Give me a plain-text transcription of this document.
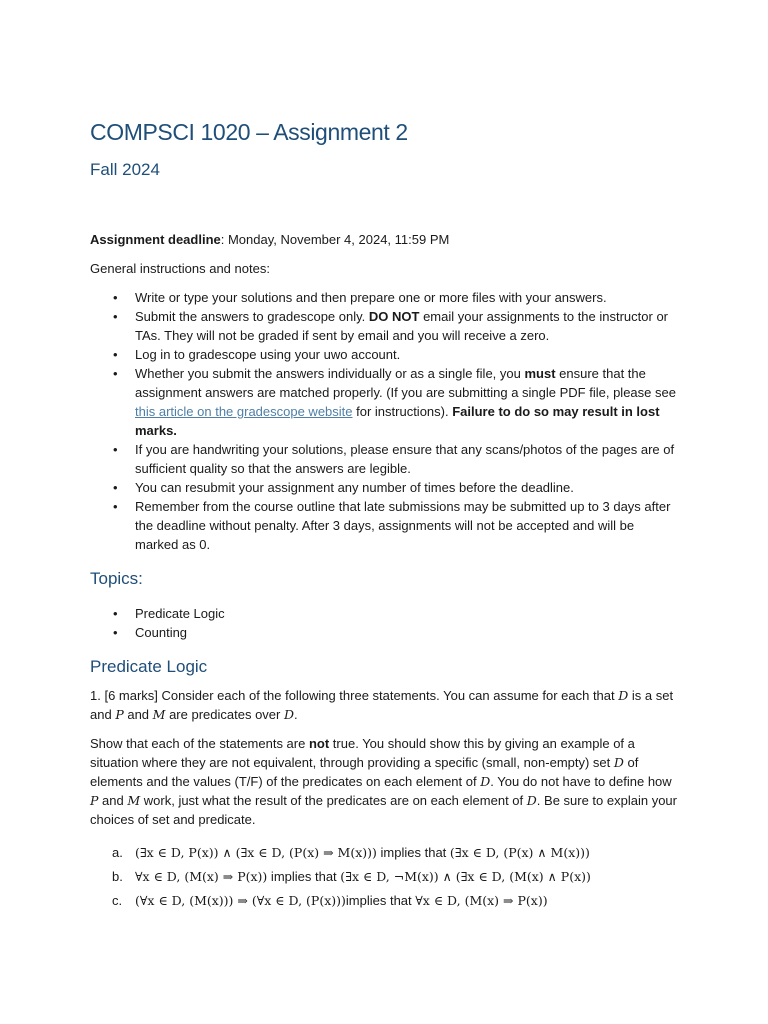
COMPSCI 1020 – Assignment 2
Fall 2024

Assignment deadline: Monday, November 4, 2024, 11:59 PM

General instructions and notes:

• Write or type your solutions and then prepare one or more files with your answers.
• Submit the answers to gradescope only. DO NOT email your assignments to the instructor or TAs. They will not be graded if sent by email and you will receive a zero.
• Log in to gradescope using your uwo account.
• Whether you submit the answers individually or as a single file, you must ensure that the assignment answers are matched properly. (If you are submitting a single PDF file, please see this article on the gradescope website for instructions). Failure to do so may result in lost marks.
• If you are handwriting your solutions, please ensure that any scans/photos of the pages are of sufficient quality so that the answers are legible.
• You can resubmit your assignment any number of times before the deadline.
• Remember from the course outline that late submissions may be submitted up to 3 days after the deadline without penalty. After 3 days, assignments will not be accepted and will be marked as 0.
Topics:
• Predicate Logic
• Counting
Predicate Logic

1. [6 marks] Consider each of the following three statements. You can assume for each that D is a set and P and M are predicates over D.

Show that each of the statements are not true. You should show this by giving an example of a situation where they are not equivalent, through providing a specific (small, non-empty) set D of elements and the values (T/F) of the predicates on each element of D. You do not have to define how P and M work, just what the result of the predicates are on each element of D. Be sure to explain your choices of set and predicate.

a. (∃x ∈ D, P(x)) ∧ (∃x ∈ D, (P(x) ⇒ M(x))) implies that (∃x ∈ D, (P(x) ∧ M(x)))
b. ∀x ∈ D, (M(x) ⇒ P(x)) implies that (∃x ∈ D, ¬M(x)) ∧ (∃x ∈ D, (M(x) ∧ P(x))
c. (∀x ∈ D, (M(x))) ⇒ (∀x ∈ D, (P(x)))implies that ∀x ∈ D, (M(x) ⇒ P(x))
